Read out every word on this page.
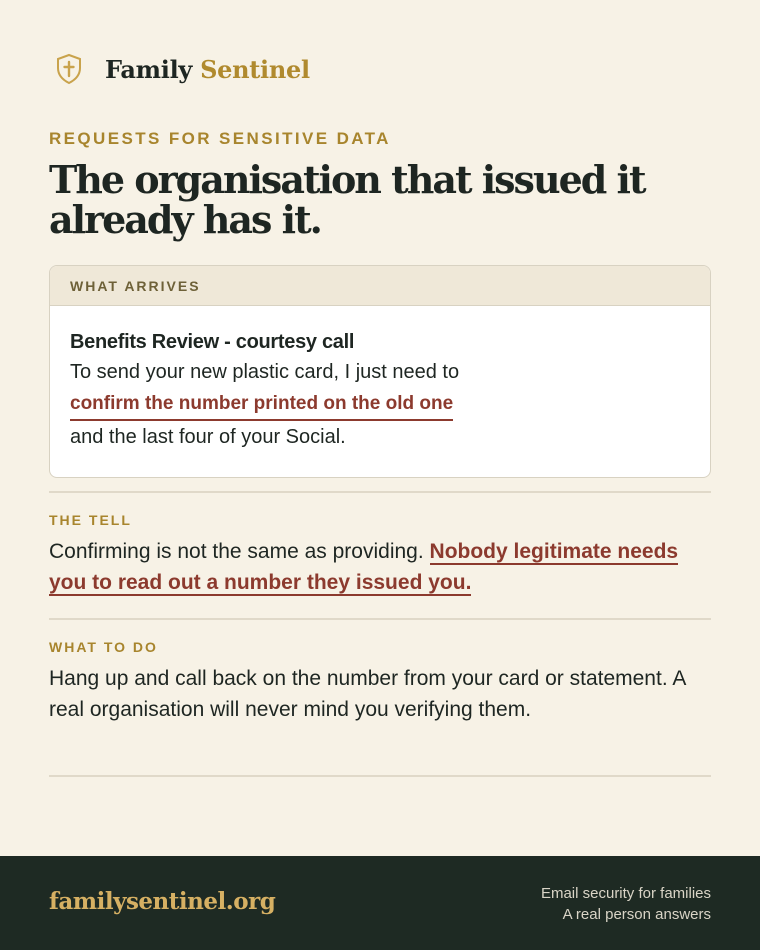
Family Sentinel
REQUESTS FOR SENSITIVE DATA
The organisation that issued it
already has it.
WHAT ARRIVES
Benefits Review - courtesy call
To send your new plastic card, I just need to
confirm the number printed on the old one
and the last four of your Social.
THE TELL
Confirming is not the same as providing. Nobody legitimate needs you to read out a number they issued you.
WHAT TO DO
Hang up and call back on the number from your card or statement. A real organisation will never mind you verifying them.
familysentinel.org	Email security for families
A real person answers
